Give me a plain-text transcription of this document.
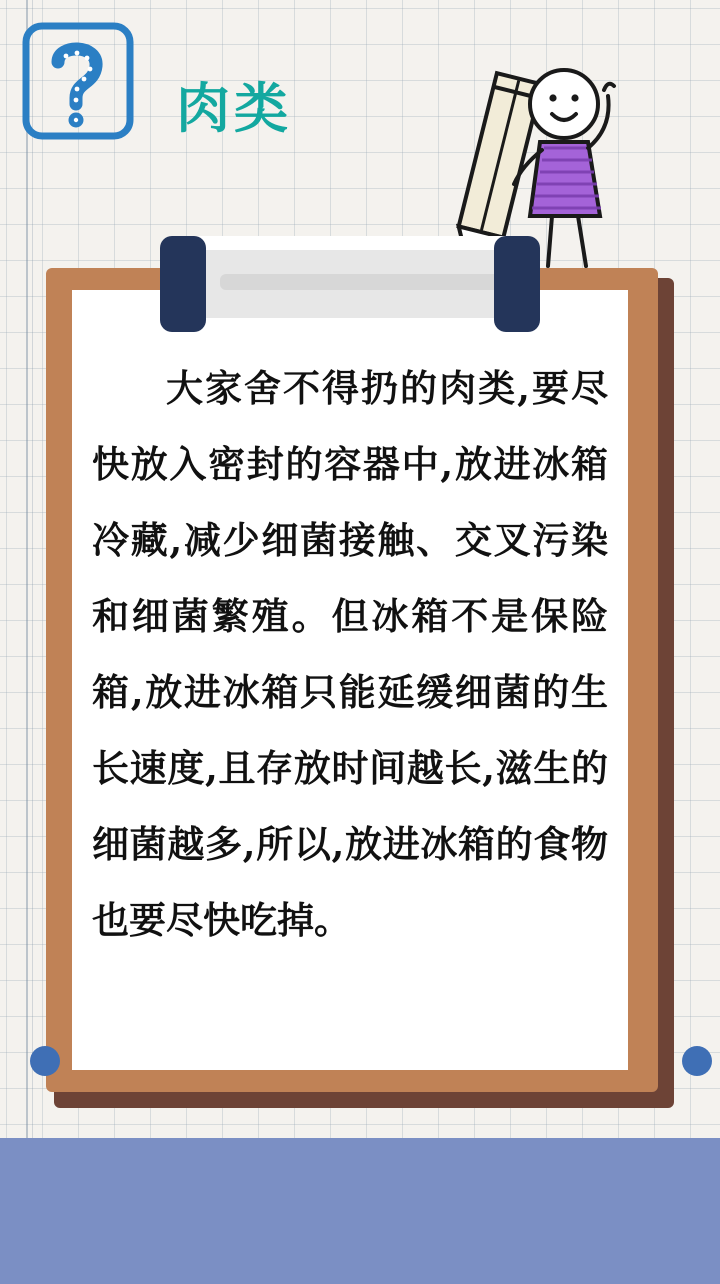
肉类
大家舍不得扔的肉类,要尽快放入密封的容器中,放进冰箱冷藏,减少细菌接触、交叉污染和细菌繁殖。但冰箱不是保险箱,放进冰箱只能延缓细菌的生长速度,且存放时间越长,滋生的细菌越多,所以,放进冰箱的食物也要尽快吃掉。
